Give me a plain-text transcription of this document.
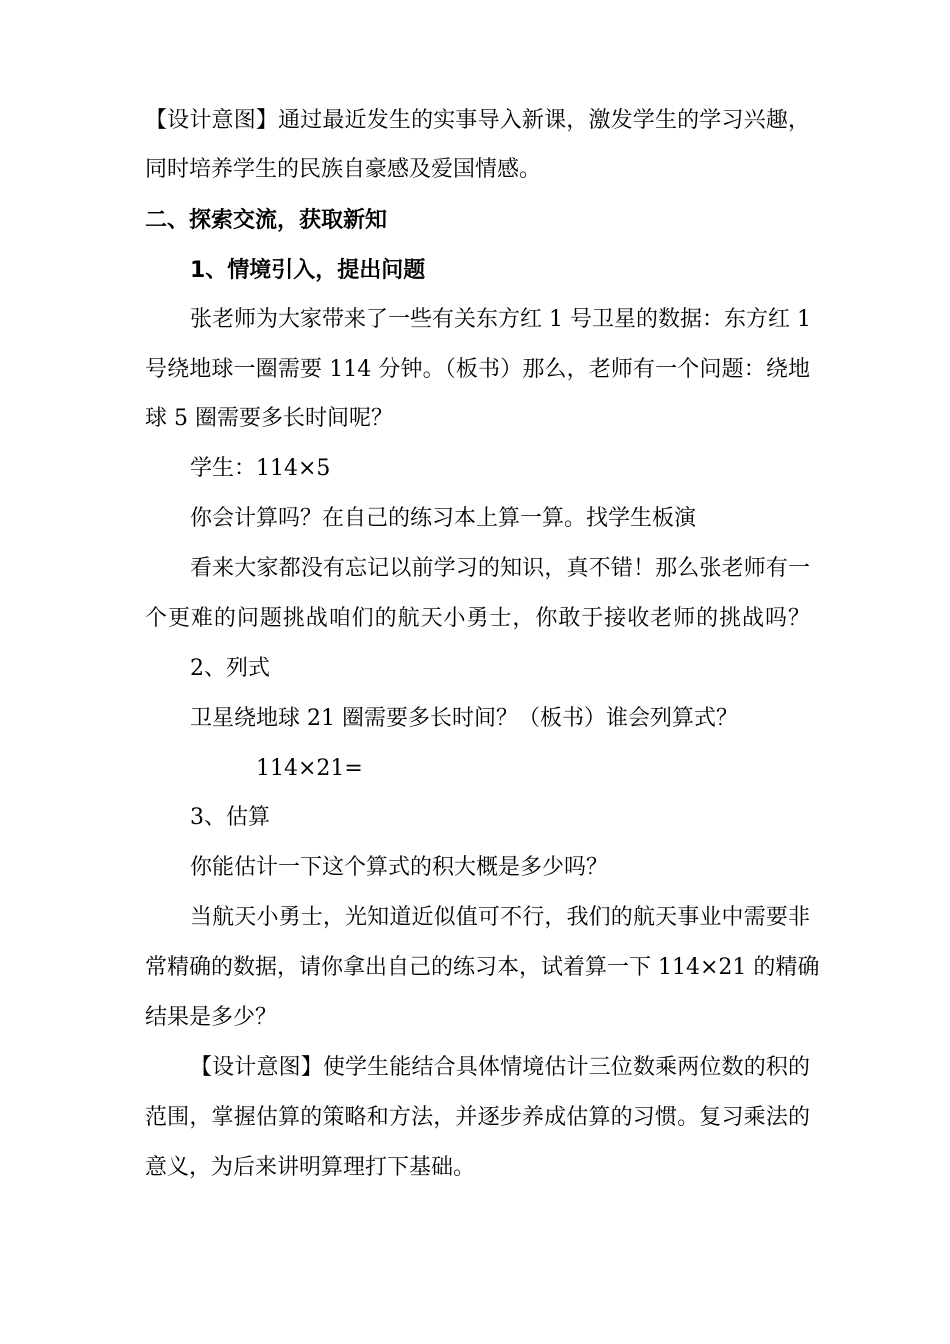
【设计意图】通过最近发生的实事导入新课，激发学生的学习兴趣，
同时培养学生的民族自豪感及爱国情感。
二、探索交流，获取新知
1、情境引入，提出问题
张老师为大家带来了一些有关东方红 1 号卫星的数据：东方红 1
号绕地球一圈需要 114 分钟。（板书）那么，老师有一个问题：绕地
球 5 圈需要多长时间呢？
学生：114×5
你会计算吗？在自己的练习本上算一算。找学生板演
看来大家都没有忘记以前学习的知识，真不错！那么张老师有一
个更难的问题挑战咱们的航天小勇士，你敢于接收老师的挑战吗？
2、列式
卫星绕地球 21 圈需要多长时间？（板书）谁会列算式？
114×21=
3、估算
你能估计一下这个算式的积大概是多少吗？
当航天小勇士，光知道近似值可不行，我们的航天事业中需要非
常精确的数据，请你拿出自己的练习本，试着算一下 114×21 的精确
结果是多少？
【设计意图】使学生能结合具体情境估计三位数乘两位数的积的
范围，掌握估算的策略和方法，并逐步养成估算的习惯。复习乘法的
意义，为后来讲明算理打下基础。
